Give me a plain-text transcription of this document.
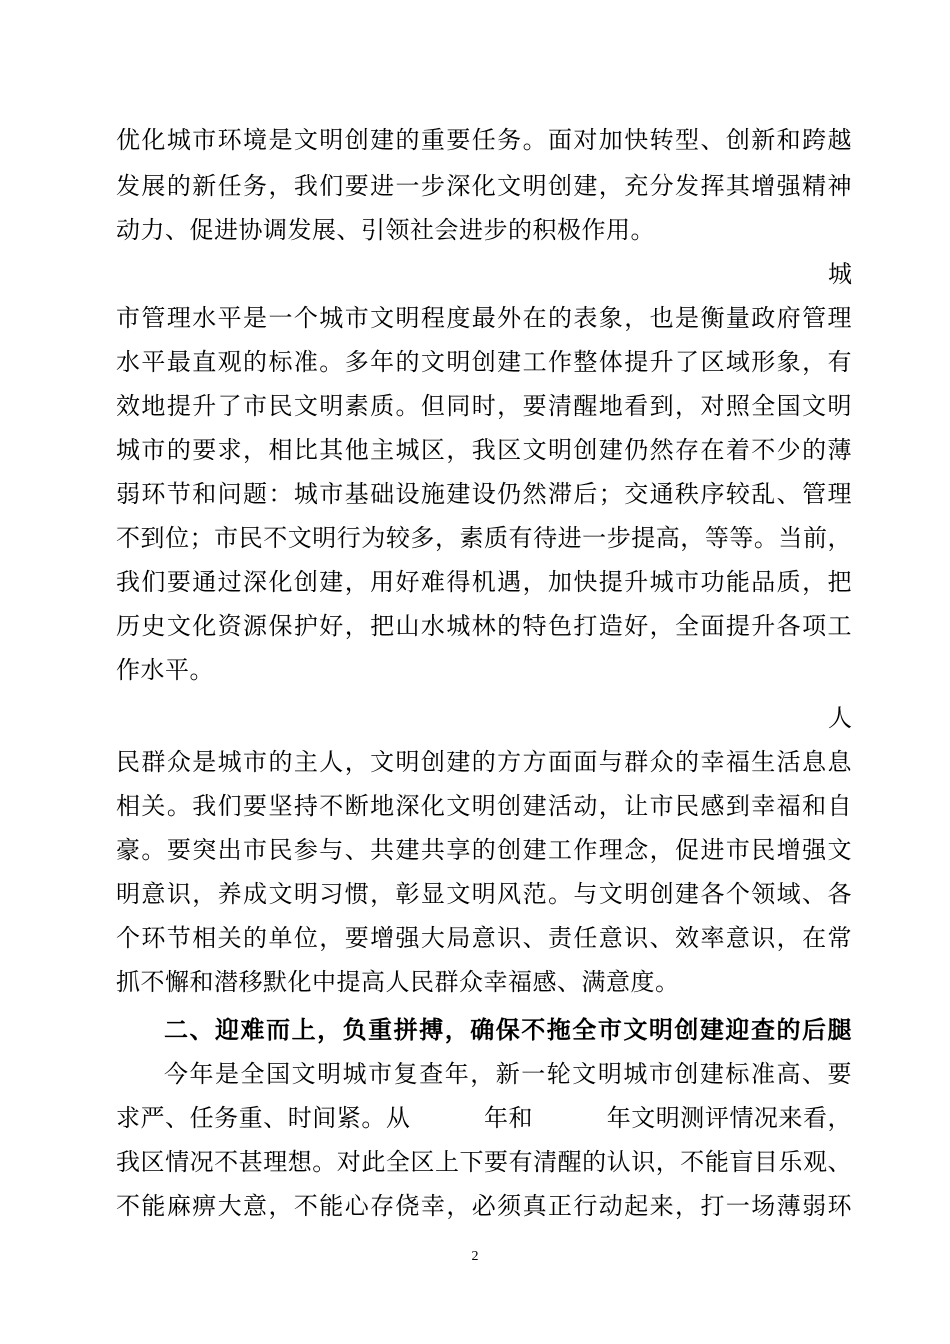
优化城市环境是文明创建的重要任务。面对加快转型、创新和跨越
发展的新任务，我们要进一步深化文明创建，充分发挥其增强精神
动力、促进协调发展、引领社会进步的积极作用。
城
市管理水平是一个城市文明程度最外在的表象，也是衡量政府管理
水平最直观的标准。多年的文明创建工作整体提升了区域形象，有
效地提升了市民文明素质。但同时，要清醒地看到，对照全国文明
城市的要求，相比其他主城区，我区文明创建仍然存在着不少的薄
弱环节和问题：城市基础设施建设仍然滞后；交通秩序较乱、管理
不到位；市民不文明行为较多，素质有待进一步提高，等等。当前，
我们要通过深化创建，用好难得机遇，加快提升城市功能品质，把
历史文化资源保护好，把山水城林的特色打造好，全面提升各项工
作水平。
人
民群众是城市的主人，文明创建的方方面面与群众的幸福生活息息
相关。我们要坚持不断地深化文明创建活动，让市民感到幸福和自
豪。要突出市民参与、共建共享的创建工作理念，促进市民增强文
明意识，养成文明习惯，彰显文明风范。与文明创建各个领域、各
个环节相关的单位，要增强大局意识、责任意识、效率意识，在常
抓不懈和潜移默化中提高人民群众幸福感、满意度。
二、迎难而上，负重拼搏，确保不拖全市文明创建迎查的后腿
今年是全国文明城市复查年，新一轮文明城市创建标准高、要
求严、任务重、时间紧。从　　　年和　　　年文明测评情况来看，
我区情况不甚理想。对此全区上下要有清醒的认识，不能盲目乐观、
不能麻痹大意，不能心存侥幸，必须真正行动起来，打一场薄弱环
2
